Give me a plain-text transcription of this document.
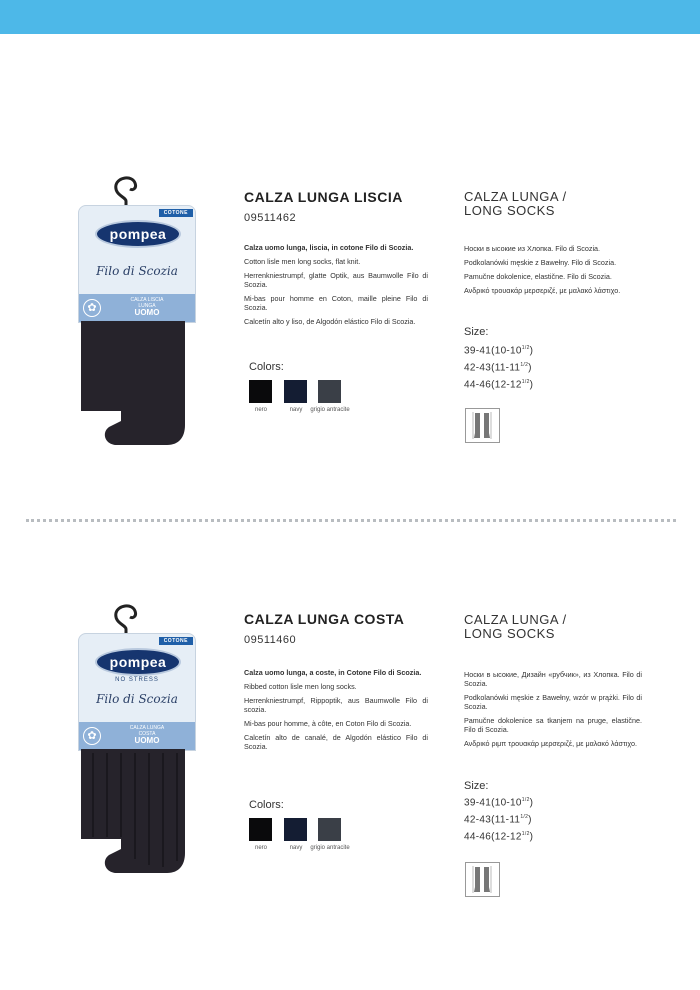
COTONE
pompea
Filo di Scozia
✿
CALZA LISCIA
LUNGA
UOMO
CALZA LUNGA LISCIA
09511462

Calza uomo lunga, liscia, in cotone Filo di Scozia.

Cotton lisle men long socks, flat knit.

Herrenkniestrumpf, glatte Optik, aus Baumwolle Filo di Scozia.

Mi-bas pour homme en Coton, maille pleine Filo di Scozia.

Calcetín alto y liso, de Algodón elástico Filo di Scozia.

Colors:
nero	navy	grigio antracite
CALZA LUNGA /
LONG SOCKS

Носки в ысокие из Хлопка. Filo di Scozia.

Podkolanówki męskie z Bawełny. Filo di Scozia.

Pamučne dokolenice, elastične. Filo di Scozia.

Ανδρικό τρουακάρ μερσεριζέ, με μαλακό λάστιχο.

Size:
$39-41(10-10^{1/2})$
$42-43(11-11^{1/2})$
$44-46(12-12^{1/2})$
COTONE
pompea
NO STRESS
Filo di Scozia
✿
CALZA LUNGA
COSTA
UOMO
CALZA LUNGA COSTA
09511460

Calza uomo lunga, a coste, in Cotone Filo di Scozia.

Ribbed cotton lisle men long socks.

Herrenkniestrumpf, Rippoptik, aus Baumwolle Filo di scozia.

Mi-bas pour homme, à côte, en Coton Filo di Scozia.

Calcetín alto de canalé, de Algodón elástico Filo di Scozia.

Colors:
nero	navy	grigio antracite
CALZA LUNGA /
LONG SOCKS

Носки в ысокие, Дизайн «рубчик», из Хлопка. Filo di Scozia.

Podkolanówki męskie z Bawełny, wzór w prążki. Filo di Scozia.

Pamučne dokolenice sa tkanjem na pruge, elastične. Filo di Scozia.

Ανδρικό ριμπ τρουακάρ μερσεριζέ, με μαλακό λάστιχο.

Size:
$39-41(10-10^{1/2})$
$42-43(11-11^{1/2})$
$44-46(12-12^{1/2})$
